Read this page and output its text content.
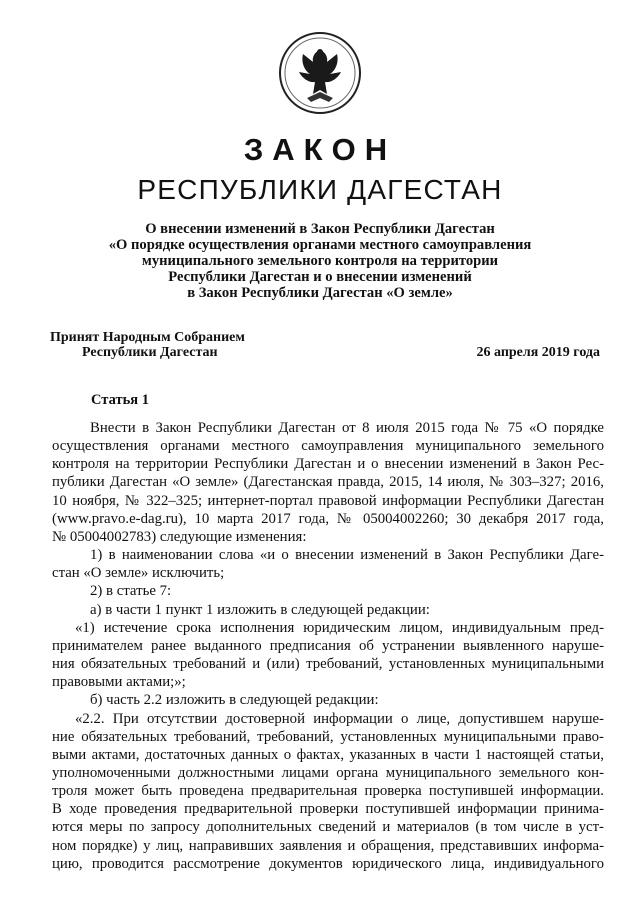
ЗАКОН
РЕСПУБЛИКИ ДАГЕСТАН
О внесении изменений в Закон Республики Дагестан
«О порядке осуществления органами местного самоуправления
муниципального земельного контроля на территории
Республики Дагестан и о внесении изменений
в Закон Республики Дагестан «О земле»
Принят Народным Собранием
Республики Дагестан	26 апреля 2019 года
Статья 1
Внести в Закон Республики Дагестан от 8 июля 2015 года № 75 «О порядке
осуществления органами местного самоуправления муниципального земельного
контроля на территории Республики Дагестан и о внесении изменений в Закон Рес-
публики Дагестан «О земле» (Дагестанская правда, 2015, 14 июля, № 303–327; 2016,
10 ноября, № 322–325; интернет-портал правовой информации Республики Дагестан
(www.pravo.e-dag.ru), 10 марта 2017 года, № 05004002260; 30 декабря 2017 года,
№ 05004002783) следующие изменения:
1) в наименовании слова «и о внесении изменений в Закон Республики Даге-
стан «О земле» исключить;
2) в статье 7:
а) в части 1 пункт 1 изложить в следующей редакции:
«1) истечение срока исполнения юридическим лицом, индивидуальным пред-
принимателем ранее выданного предписания об устранении выявленного наруше-
ния обязательных требований и (или) требований, установленных муниципальными
правовыми актами;»;
б) часть 2.2 изложить в следующей редакции:
«2.2. При отсутствии достоверной информации о лице, допустившем наруше-
ние обязательных требований, требований, установленных муниципальными право-
выми актами, достаточных данных о фактах, указанных в части 1 настоящей статьи,
уполномоченными должностными лицами органа муниципального земельного кон-
троля может быть проведена предварительная проверка поступившей информации.
В ходе проведения предварительной проверки поступившей информации принима-
ются меры по запросу дополнительных сведений и материалов (в том числе в уст-
ном порядке) у лиц, направивших заявления и обращения, представивших информа-
цию, проводится рассмотрение документов юридического лица, индивидуального
